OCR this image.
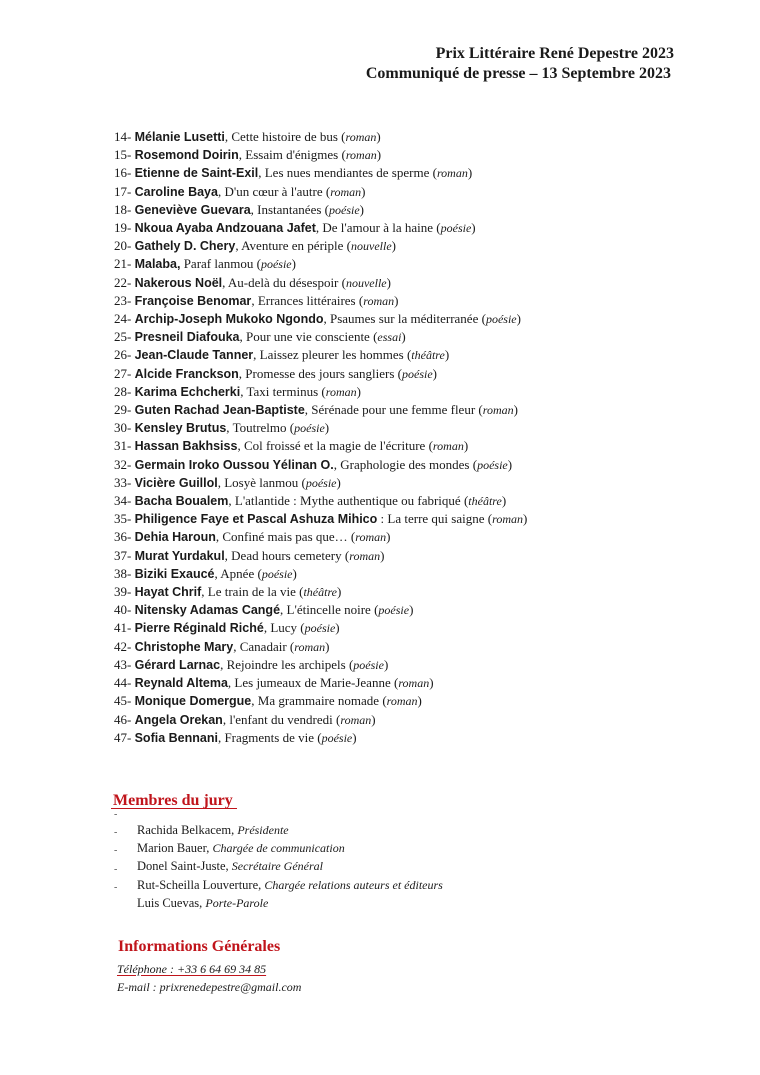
Prix Littéraire René Depestre 2023
Communiqué de presse – 13 Septembre 2023
14- Mélanie Lusetti, Cette histoire de bus (roman)
15- Rosemond Doirin, Essaim d'énigmes (roman)
16- Etienne de Saint-Exil, Les nues mendiantes de sperme (roman)
17- Caroline Baya, D'un cœur à l'autre (roman)
18- Geneviève Guevara, Instantanées (poésie)
19- Nkoua Ayaba Andzouana Jafet, De l'amour à la haine (poésie)
20- Gathely D. Chery, Aventure en périple (nouvelle)
21- Malaba, Paraf lanmou (poésie)
22- Nakerous Noël, Au-delà du désespoir (nouvelle)
23- Françoise Benomar, Errances littéraires (roman)
24- Archip-Joseph Mukoko Ngondo, Psaumes sur la méditerranée (poésie)
25- Presneil Diafouka, Pour une vie consciente (essai)
26- Jean-Claude Tanner, Laissez pleurer les hommes (théâtre)
27- Alcide Franckson, Promesse des jours sangliers (poésie)
28- Karima Echcherki, Taxi terminus (roman)
29- Guten Rachad Jean-Baptiste, Sérénade pour une femme fleur (roman)
30- Kensley Brutus, Toutrelmo (poésie)
31- Hassan Bakhsiss, Col froissé et la magie de l'écriture (roman)
32- Germain Iroko Oussou Yélinan O., Graphologie des mondes (poésie)
33- Vicière Guillol, Losyè lanmou (poésie)
34- Bacha Boualem, L'atlantide : Mythe authentique ou fabriqué (théâtre)
35- Philigence Faye et Pascal Ashuza Mihico : La terre qui saigne (roman)
36- Dehia Haroun, Confiné mais pas que… (roman)
37- Murat Yurdakul, Dead hours cemetery (roman)
38- Biziki Exaucé, Apnée (poésie)
39- Hayat Chrif, Le train de la vie (théâtre)
40- Nitensky Adamas Cangé, L'étincelle noire (poésie)
41- Pierre Réginald Riché, Lucy (poésie)
42- Christophe Mary, Canadair (roman)
43- Gérard Larnac, Rejoindre les archipels (poésie)
44- Reynald Altema, Les jumeaux de Marie-Jeanne (roman)
45- Monique Domergue, Ma grammaire nomade (roman)
46- Angela Orekan, l'enfant du vendredi (roman)
47- Sofia Bennani, Fragments de vie (poésie)
Membres du jury
-
Rachida Belkacem, Présidente
-
Marion Bauer, Chargée de communication
-
Donel Saint-Juste, Secrétaire Général
-
Rut-Scheilla Louverture, Chargée relations auteurs et éditeurs
-
Luis Cuevas, Porte-Parole
Informations Générales
Téléphone : +33 6 64 69 34 85
E-mail : prixrenedepestre@gmail.com
